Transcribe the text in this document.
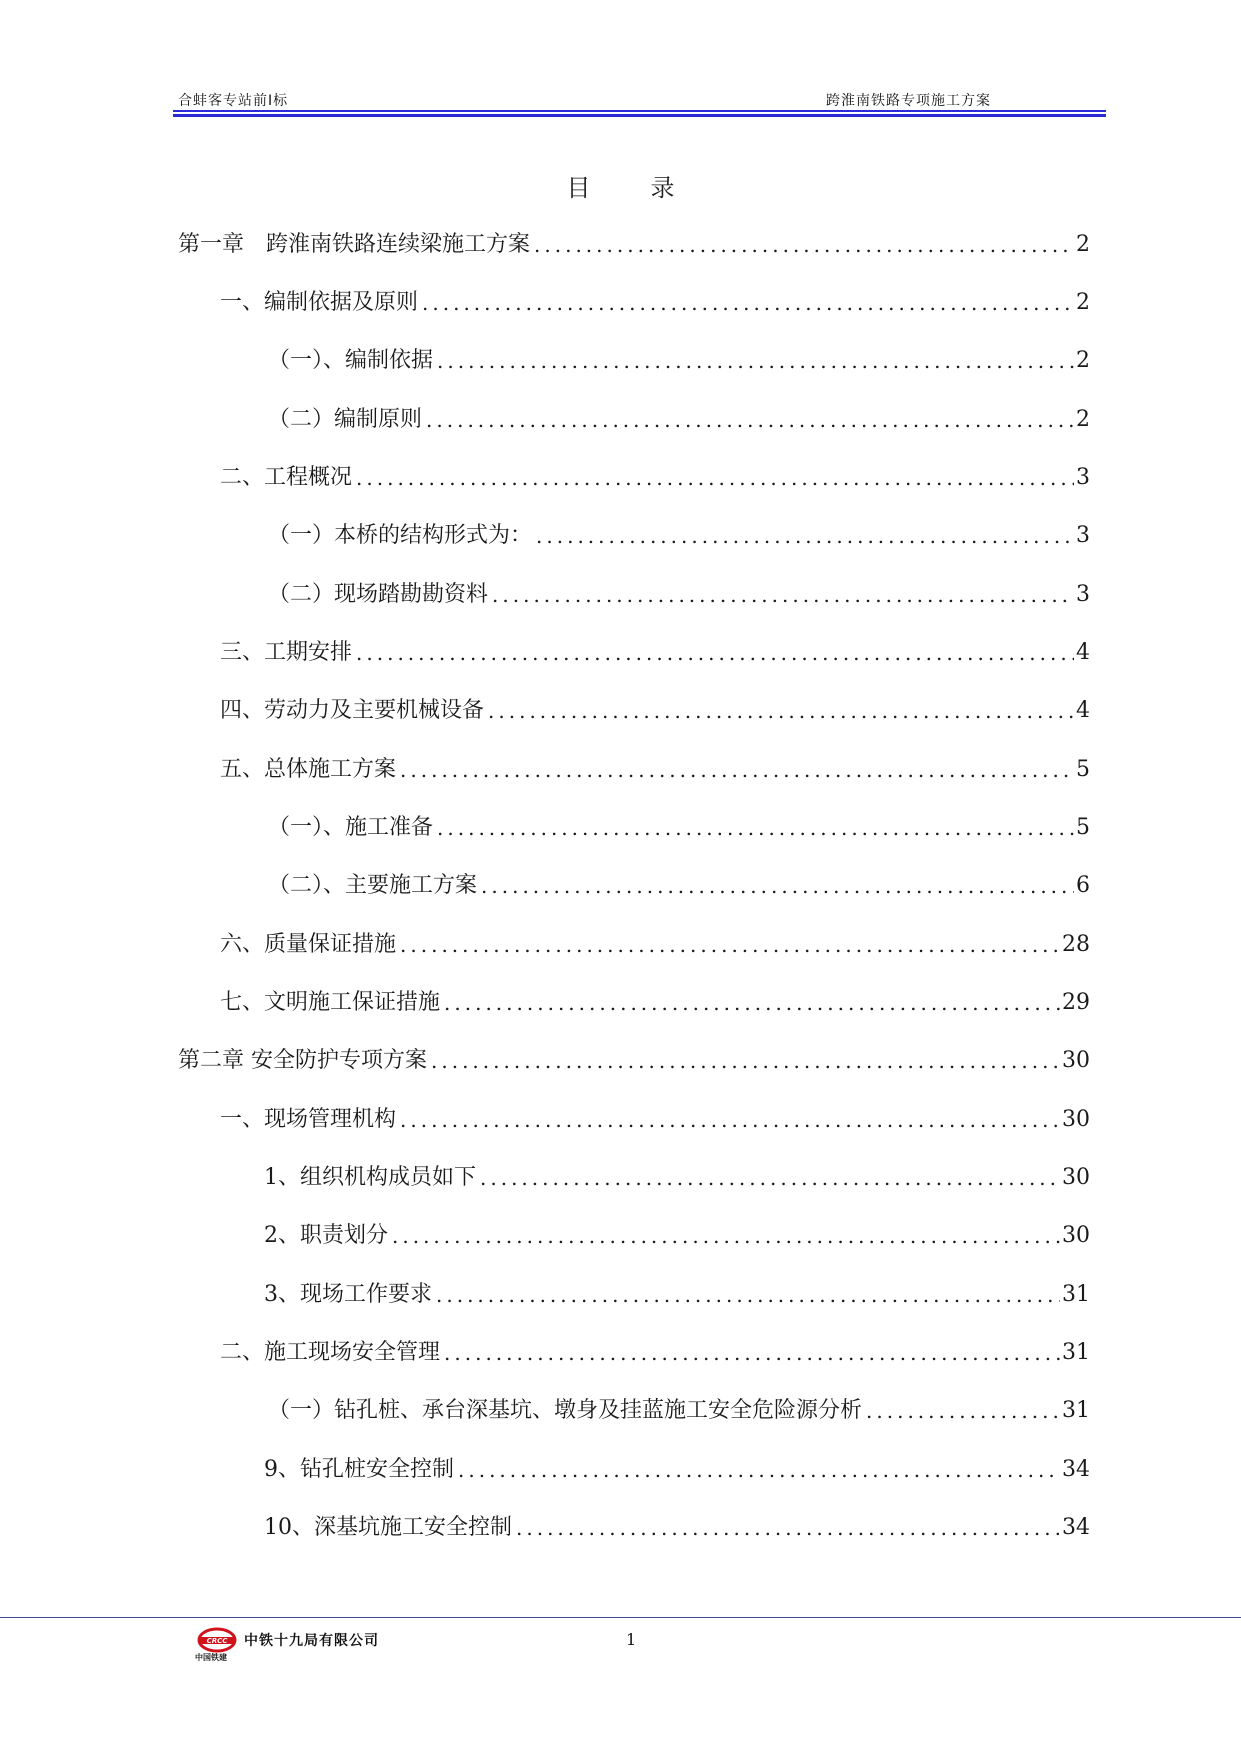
合蚌客专站前Ⅰ标	跨淮南铁路专项施工方案
目录
第一章　跨淮南铁路连续梁施工方案 .....	2
一、编制依据及原则 .....	2
（一）、编制依据 .....	2
（二）编制原则 .....	2
二、工程概况 .....	3
（一）本桥的结构形式为： .....	3
（二）现场踏勘勘资料 .....	3
三、工期安排 .....	4
四、劳动力及主要机械设备 .....	4
五、总体施工方案 .....	5
（一）、施工准备 .....	5
（二）、主要施工方案 .....	6
六、质量保证措施 .....	28
七、文明施工保证措施 .....	29
第二章 安全防护专项方案 .....	30
一、现场管理机构 .....	30
1、组织机构成员如下 .....	30
2、职责划分 .....	30
3、现场工作要求 .....	31
二、施工现场安全管理 .....	31
（一）钻孔桩、承台深基坑、墩身及挂蓝施工安全危险源分析 .....	31
9、钻孔桩安全控制 .....	34
10、深基坑施工安全控制 .....	34
CRCC
中国铁建
中铁十九局有限公司	1
